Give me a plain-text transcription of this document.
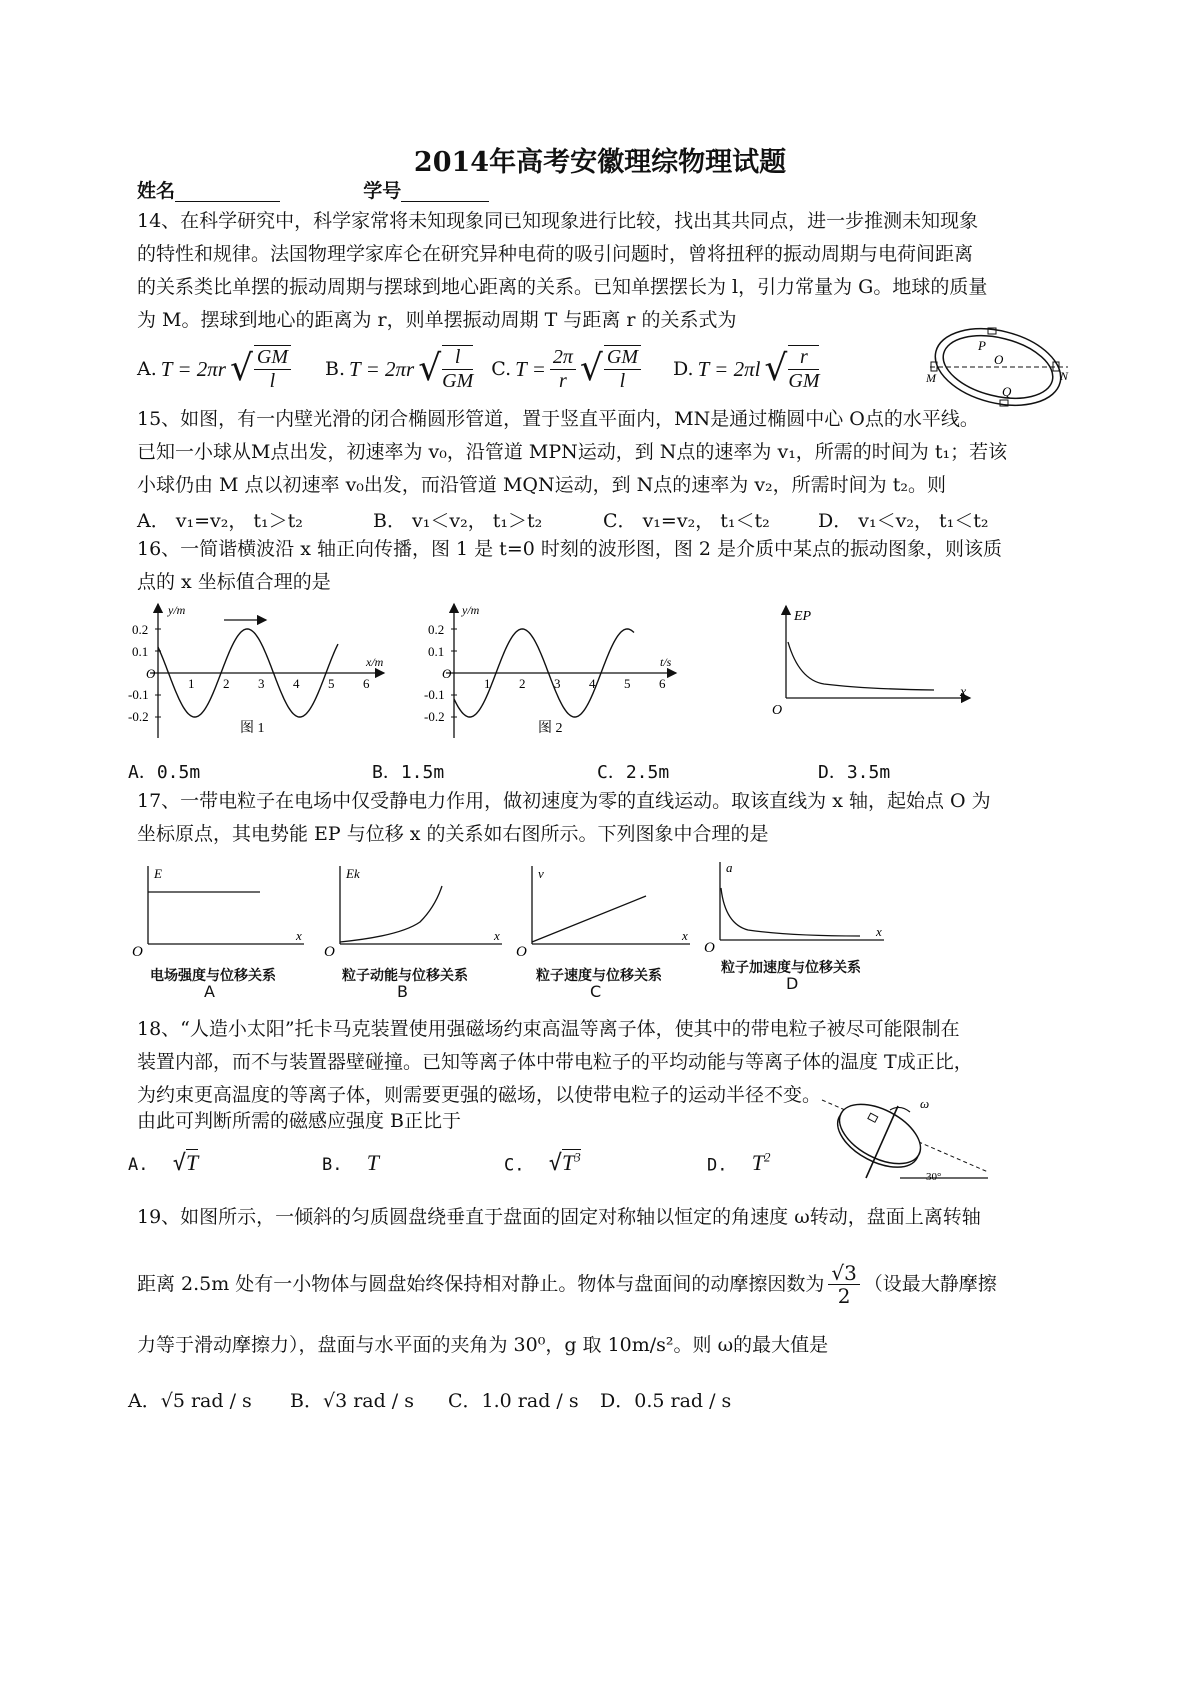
2014年高考安徽理综物理试题
姓名	学号
14、在科学研究中，科学家常将未知现象同已知现象进行比较，找出其共同点，进一步推测未知现象
的特性和规律。法国物理学家库仑在研究异种电荷的吸引问题时，曾将扭秤的振动周期与电荷间距离
的关系类比单摆的振动周期与摆球到地心距离的关系。已知单摆摆长为 l，引力常量为 G。地球的质量
为 M。摆球到地心的距离为 r，则单摆振动周期 T 与距离 r 的关系式为
A. T = 2πr √ $\frac{GM}{l} B$. T = 2πr √ $\frac{l}{GM} C$. $T = \frac{2\pi}{r}$ √ $\frac{GM}{l} D$. T = 2πl √ $\frac{r}{GM}$	P
O
M	N
Q
15、如图，有一内壁光滑的闭合椭圆形管道，置于竖直平面内，MN是通过椭圆中心 O点的水平线。
已知一小球从M点出发，初速率为 v₀，沿管道 MPN运动，到 N点的速率为 v₁，所需的时间为 t₁；若该
小球仍由 M 点以初速率 v₀出发，而沿管道 MQN运动，到 N点的速率为 v₂，所需时间为 t₂。则
A． v₁=v₂， t₁＞t₂	B． v₁＜v₂， t₁＞t₂	C． v₁=v₂， t₁＜t₂	D． v₁＜v₂， t₁＜t₂
16、一简谐横波沿 x 轴正向传播，图 1 是 t=0 时刻的波形图，图 2 是介质中某点的振动图象，则该质
点的 x 坐标值合理的是
y/m
x/m
0.2
0.1
-0.1
-0.2
O
1 2 3 4 5 6
图 1
y/m
t/s
0.2
0.1
-0.1
-0.2
O
1 2 3 4 5 6
图 2
EP
x
O
A．0.5m	B．1.5m	C．2.5m	D．3.5m
17、一带电粒子在电场中仅受静电力作用，做初速度为零的直线运动。取该直线为 x 轴，起始点 O 为
坐标原点，其电势能 EP 与位移 x 的关系如右图所示。下列图象中合理的是
E
x
O
电场强度与位移关系
A
Ek
x
O
粒子动能与位移关系
B
v
x
O
粒子速度与位移关系
C
a
x
O
粒子加速度与位移关系
D
18、“人造小太阳”托卡马克装置使用强磁场约束高温等离子体，使其中的带电粒子被尽可能限制在
装置内部，而不与装置器壁碰撞。已知等离子体中带电粒子的平均动能与等离子体的温度 T成正比，
为约束更高温度的等离子体，则需要更强的磁场，以使带电粒子的运动半径不变。
由此可判断所需的磁感应强度 B正比于
A. √T	B. T	C. $√T^3$	D. $T^2$
ω
30°
19、如图所示，一倾斜的匀质圆盘绕垂直于盘面的固定对称轴以恒定的角速度 ω转动，盘面上离转轴
距离 2.5m 处有一小物体与圆盘始终保持相对静止。物体与盘面间的动摩擦因数为 $\frac{√3}{2}$ （设最大静摩擦
力等于滑动摩擦力），盘面与水平面的夹角为 30⁰，g 取 10m/s²。则 ω的最大值是
A．√5 rad / s B．√3 rad / s C．1.0 rad / s D．0.5 rad / s
